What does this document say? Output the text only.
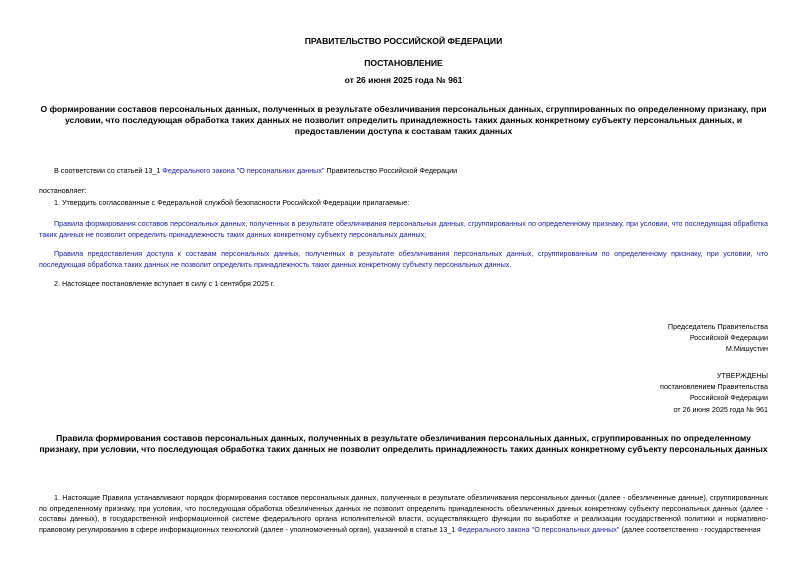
ПРАВИТЕЛЬСТВО РОССИЙСКОЙ ФЕДЕРАЦИИ
ПОСТАНОВЛЕНИЕ
от 26 июня 2025 года № 961
О формировании составов персональных данных, полученных в результате обезличивания персональных данных, сгруппированных по определенному признаку, при условии, что последующая обработка таких данных не позволит определить принадлежность таких данных конкретному субъекту персональных данных, и предоставлении доступа к составам таких данных
В соответствии со статьей 13_1 Федерального закона "О персональных данных" Правительство Российской Федерации
постановляет:
1. Утвердить согласованные с Федеральной службой безопасности Российской Федерации прилагаемые:
Правила формирования составов персональных данных, полученных в результате обезличивания персональных данных, сгруппированных по определенному признаку, при условии, что последующая обработка таких данных не позволит определить принадлежность таких данных конкретному субъекту персональных данных;
Правила предоставления доступа к составам персональных данных, полученных в результате обезличивания персональных данных, сгруппированным по определенному признаку, при условии, что последующая обработка таких данных не позволит определить принадлежность таких данных конкретному субъекту персональных данных.
2. Настоящее постановление вступает в силу с 1 сентября 2025 г.
Председатель Правительства
Российской Федерации
М.Мишустин
УТВЕРЖДЕНЫ
постановлением Правительства
Российской Федерации
от 26 июня 2025 года № 961
Правила формирования составов персональных данных, полученных в результате обезличивания персональных данных, сгруппированных по определенному признаку, при условии, что последующая обработка таких данных не позволит определить принадлежность таких данных конкретному субъекту персональных данных
1. Настоящие Правила устанавливают порядок формирования составов персональных данных, полученных в результате обезличивания персональных данных (далее - обезличенные данные), сгруппированных по определенному признаку, при условии, что последующая обработка обезличенных данных не позволит определить принадлежность обезличенных данных конкретному субъекту персональных данных (далее - составы данных), в государственной информационной системе федерального органа исполнительной власти, осуществляющего функции по выработке и реализации государственной политики и нормативно-правовому регулированию в сфере информационных технологий (далее - уполномоченный орган), указанной в статье 13_1 Федерального закона "О персональных данных" (далее соответственно - государственная
